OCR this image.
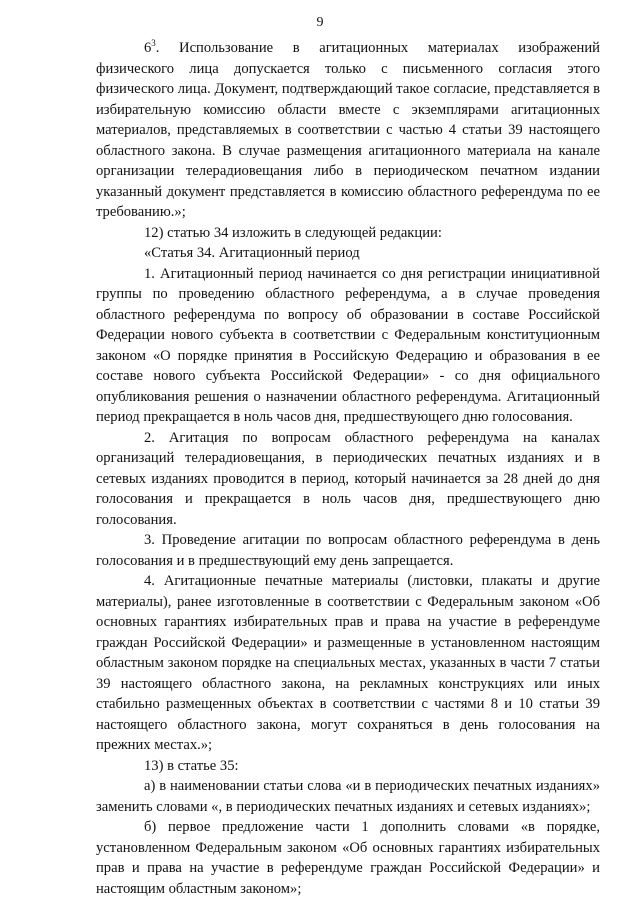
9

$6^3$. Использование в агитационных материалах изображений физического лица допускается только с письменного согласия этого физического лица. Документ, подтверждающий такое согласие, представляется в избирательную комиссию области вместе с экземплярами агитационных материалов, представляемых в соответствии с частью 4 статьи 39 настоящего областного закона. В случае размещения агитационного материала на канале организации телерадиовещания либо в периодическом печатном издании указанный документ представляется в комиссию областного референдума по ее требованию.»;

12) статью 34 изложить в следующей редакции:

«Статья 34. Агитационный период

1. Агитационный период начинается со дня регистрации инициативной группы по проведению областного референдума, а в случае проведения областного референдума по вопросу об образовании в составе Российской Федерации нового субъекта в соответствии с Федеральным конституционным законом «О порядке принятия в Российскую Федерацию и образования в ее составе нового субъекта Российской Федерации» - со дня официального опубликования решения о назначении областного референдума. Агитационный период прекращается в ноль часов дня, предшествующего дню голосования.

2. Агитация по вопросам областного референдума на каналах организаций телерадиовещания, в периодических печатных изданиях и в сетевых изданиях проводится в период, который начинается за 28 дней до дня голосования и прекращается в ноль часов дня, предшествующего дню голосования.

3. Проведение агитации по вопросам областного референдума в день голосования и в предшествующий ему день запрещается.

4. Агитационные печатные материалы (листовки, плакаты и другие материалы), ранее изготовленные в соответствии с Федеральным законом «Об основных гарантиях избирательных прав и права на участие в референдуме граждан Российской Федерации» и размещенные в установленном настоящим областным законом порядке на специальных местах, указанных в части 7 статьи 39 настоящего областного закона, на рекламных конструкциях или иных стабильно размещенных объектах в соответствии с частями 8 и 10 статьи 39 настоящего областного закона, могут сохраняться в день голосования на прежних местах.»;

13) в статье 35:

а) в наименовании статьи слова «и в периодических печатных изданиях» заменить словами «, в периодических печатных изданиях и сетевых изданиях»;

б) первое предложение части 1 дополнить словами «в порядке, установленном Федеральным законом «Об основных гарантиях избирательных прав и права на участие в референдуме граждан Российской Федерации» и настоящим областным законом»;
